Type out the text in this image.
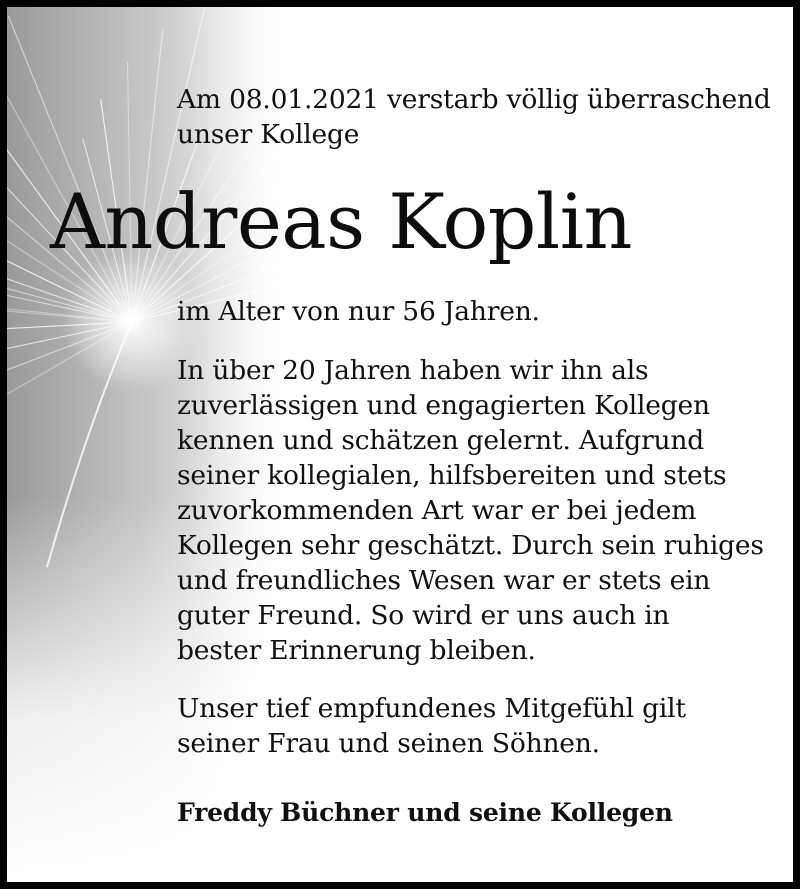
Am 08.01.2021 verstarb völlig überraschend

unser Kollege

Andreas Koplin

im Alter von nur 56 Jahren.

In über 20 Jahren haben wir ihn als

zuverlässigen und engagierten Kollegen

kennen und schätzen gelernt. Aufgrund

seiner kollegialen, hilfsbereiten und stets

zuvorkommenden Art war er bei jedem

Kollegen sehr geschätzt. Durch sein ruhiges

und freundliches Wesen war er stets ein

guter Freund. So wird er uns auch in

bester Erinnerung bleiben.

Unser tief empfundenes Mitgefühl gilt

seiner Frau und seinen Söhnen.

Freddy Büchner und seine Kollegen
